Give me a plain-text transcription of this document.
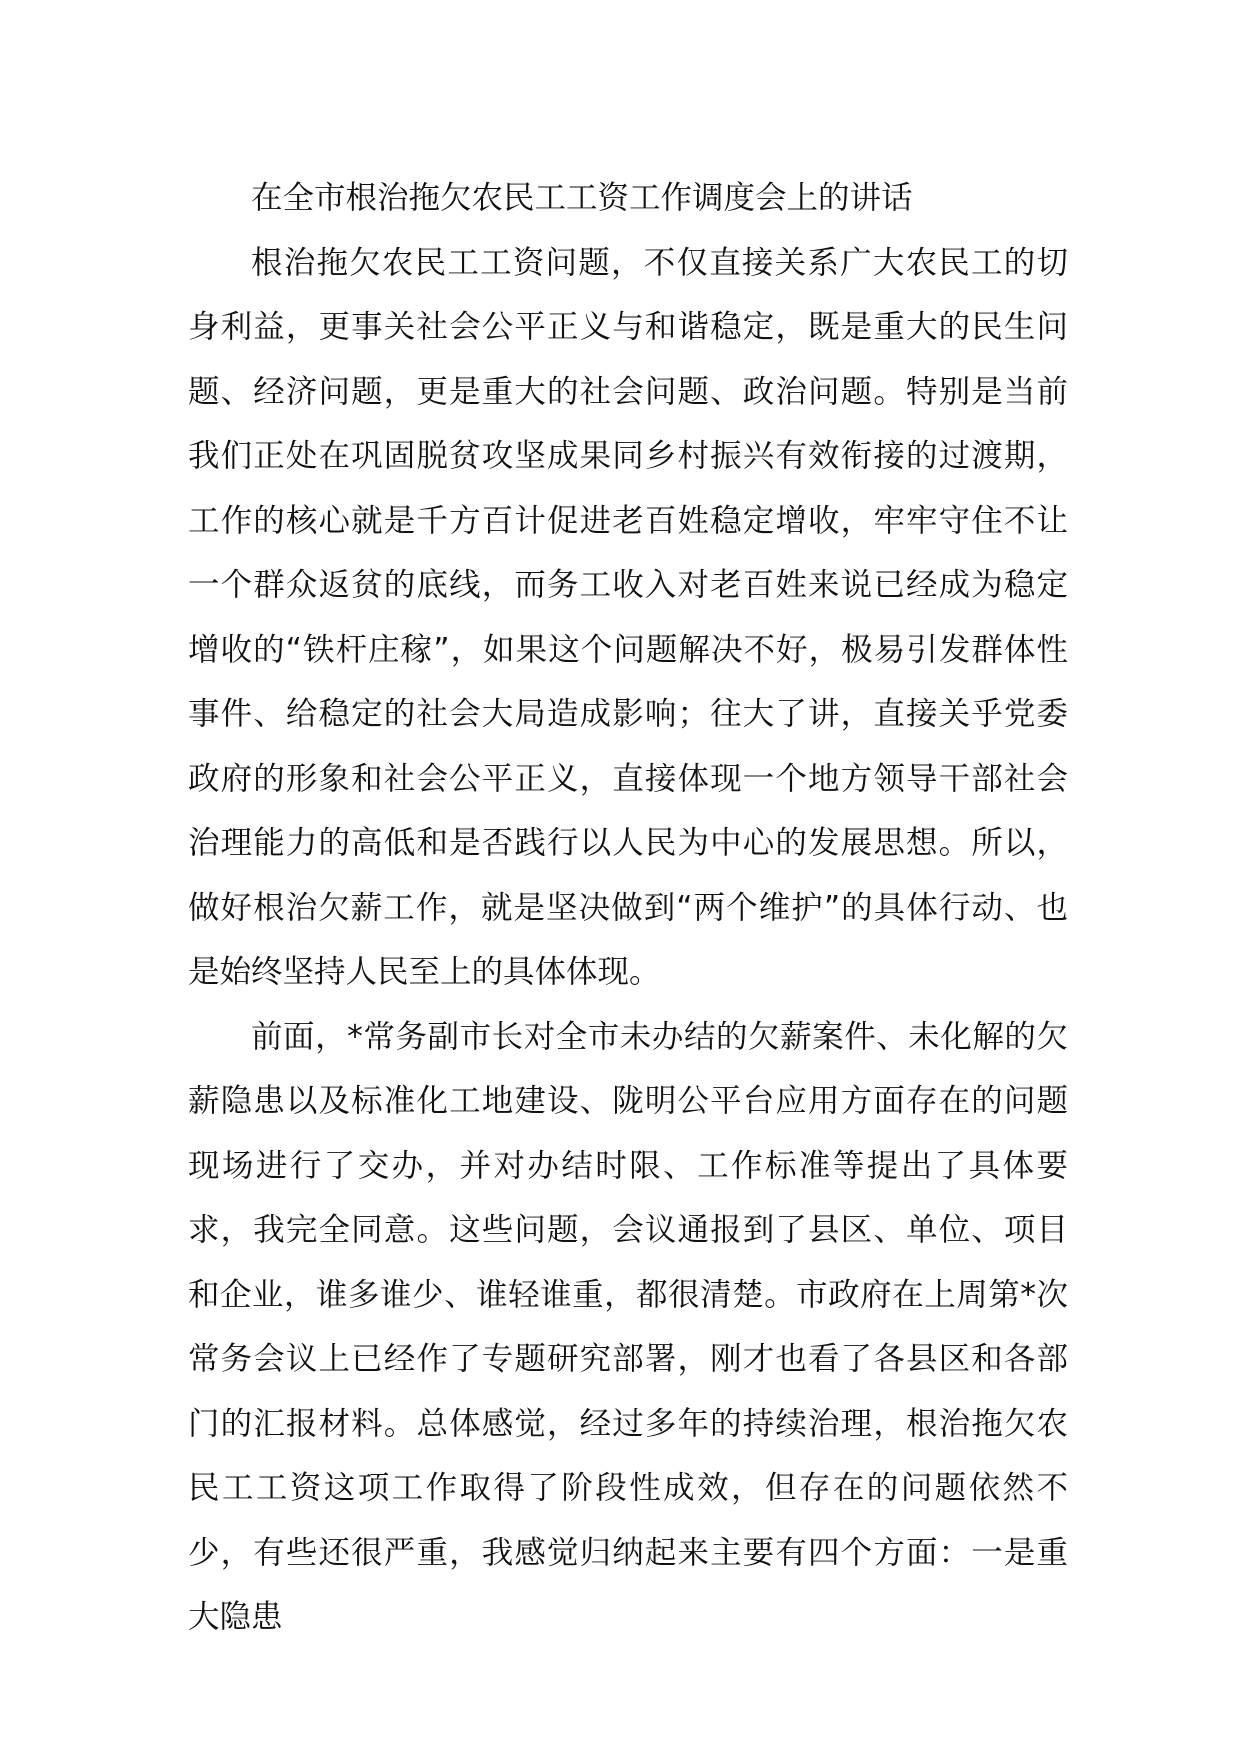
在全市根治拖欠农民工工资工作调度会上的讲话

根治拖欠农民工工资问题，不仅直接关系广大农民工的切身利益，更事关社会公平正义与和谐稳定，既是重大的民生问题、经济问题，更是重大的社会问题、政治问题。特别是当前我们正处在巩固脱贫攻坚成果同乡村振兴有效衔接的过渡期，工作的核心就是千方百计促进老百姓稳定增收，牢牢守住不让一个群众返贫的底线，而务工收入对老百姓来说已经成为稳定增收的“铁杆庄稼”，如果这个问题解决不好，极易引发群体性事件、给稳定的社会大局造成影响；往大了讲，直接关乎党委政府的形象和社会公平正义，直接体现一个地方领导干部社会治理能力的高低和是否践行以人民为中心的发展思想。所以，做好根治欠薪工作，就是坚决做到“两个维护”的具体行动、也是始终坚持人民至上的具体体现。

前面，*常务副市长对全市未办结的欠薪案件、未化解的欠薪隐患以及标准化工地建设、陇明公平台应用方面存在的问题现场进行了交办，并对办结时限、工作标准等提出了具体要求，我完全同意。这些问题，会议通报到了县区、单位、项目和企业，谁多谁少、谁轻谁重，都很清楚。市政府在上周第*次常务会议上已经作了专题研究部署，刚才也看了各县区和各部门的汇报材料。总体感觉，经过多年的持续治理，根治拖欠农民工工资这项工作取得了阶段性成效，但存在的问题依然不少，有些还很严重，我感觉归纳起来主要有四个方面：一是重大隐患
